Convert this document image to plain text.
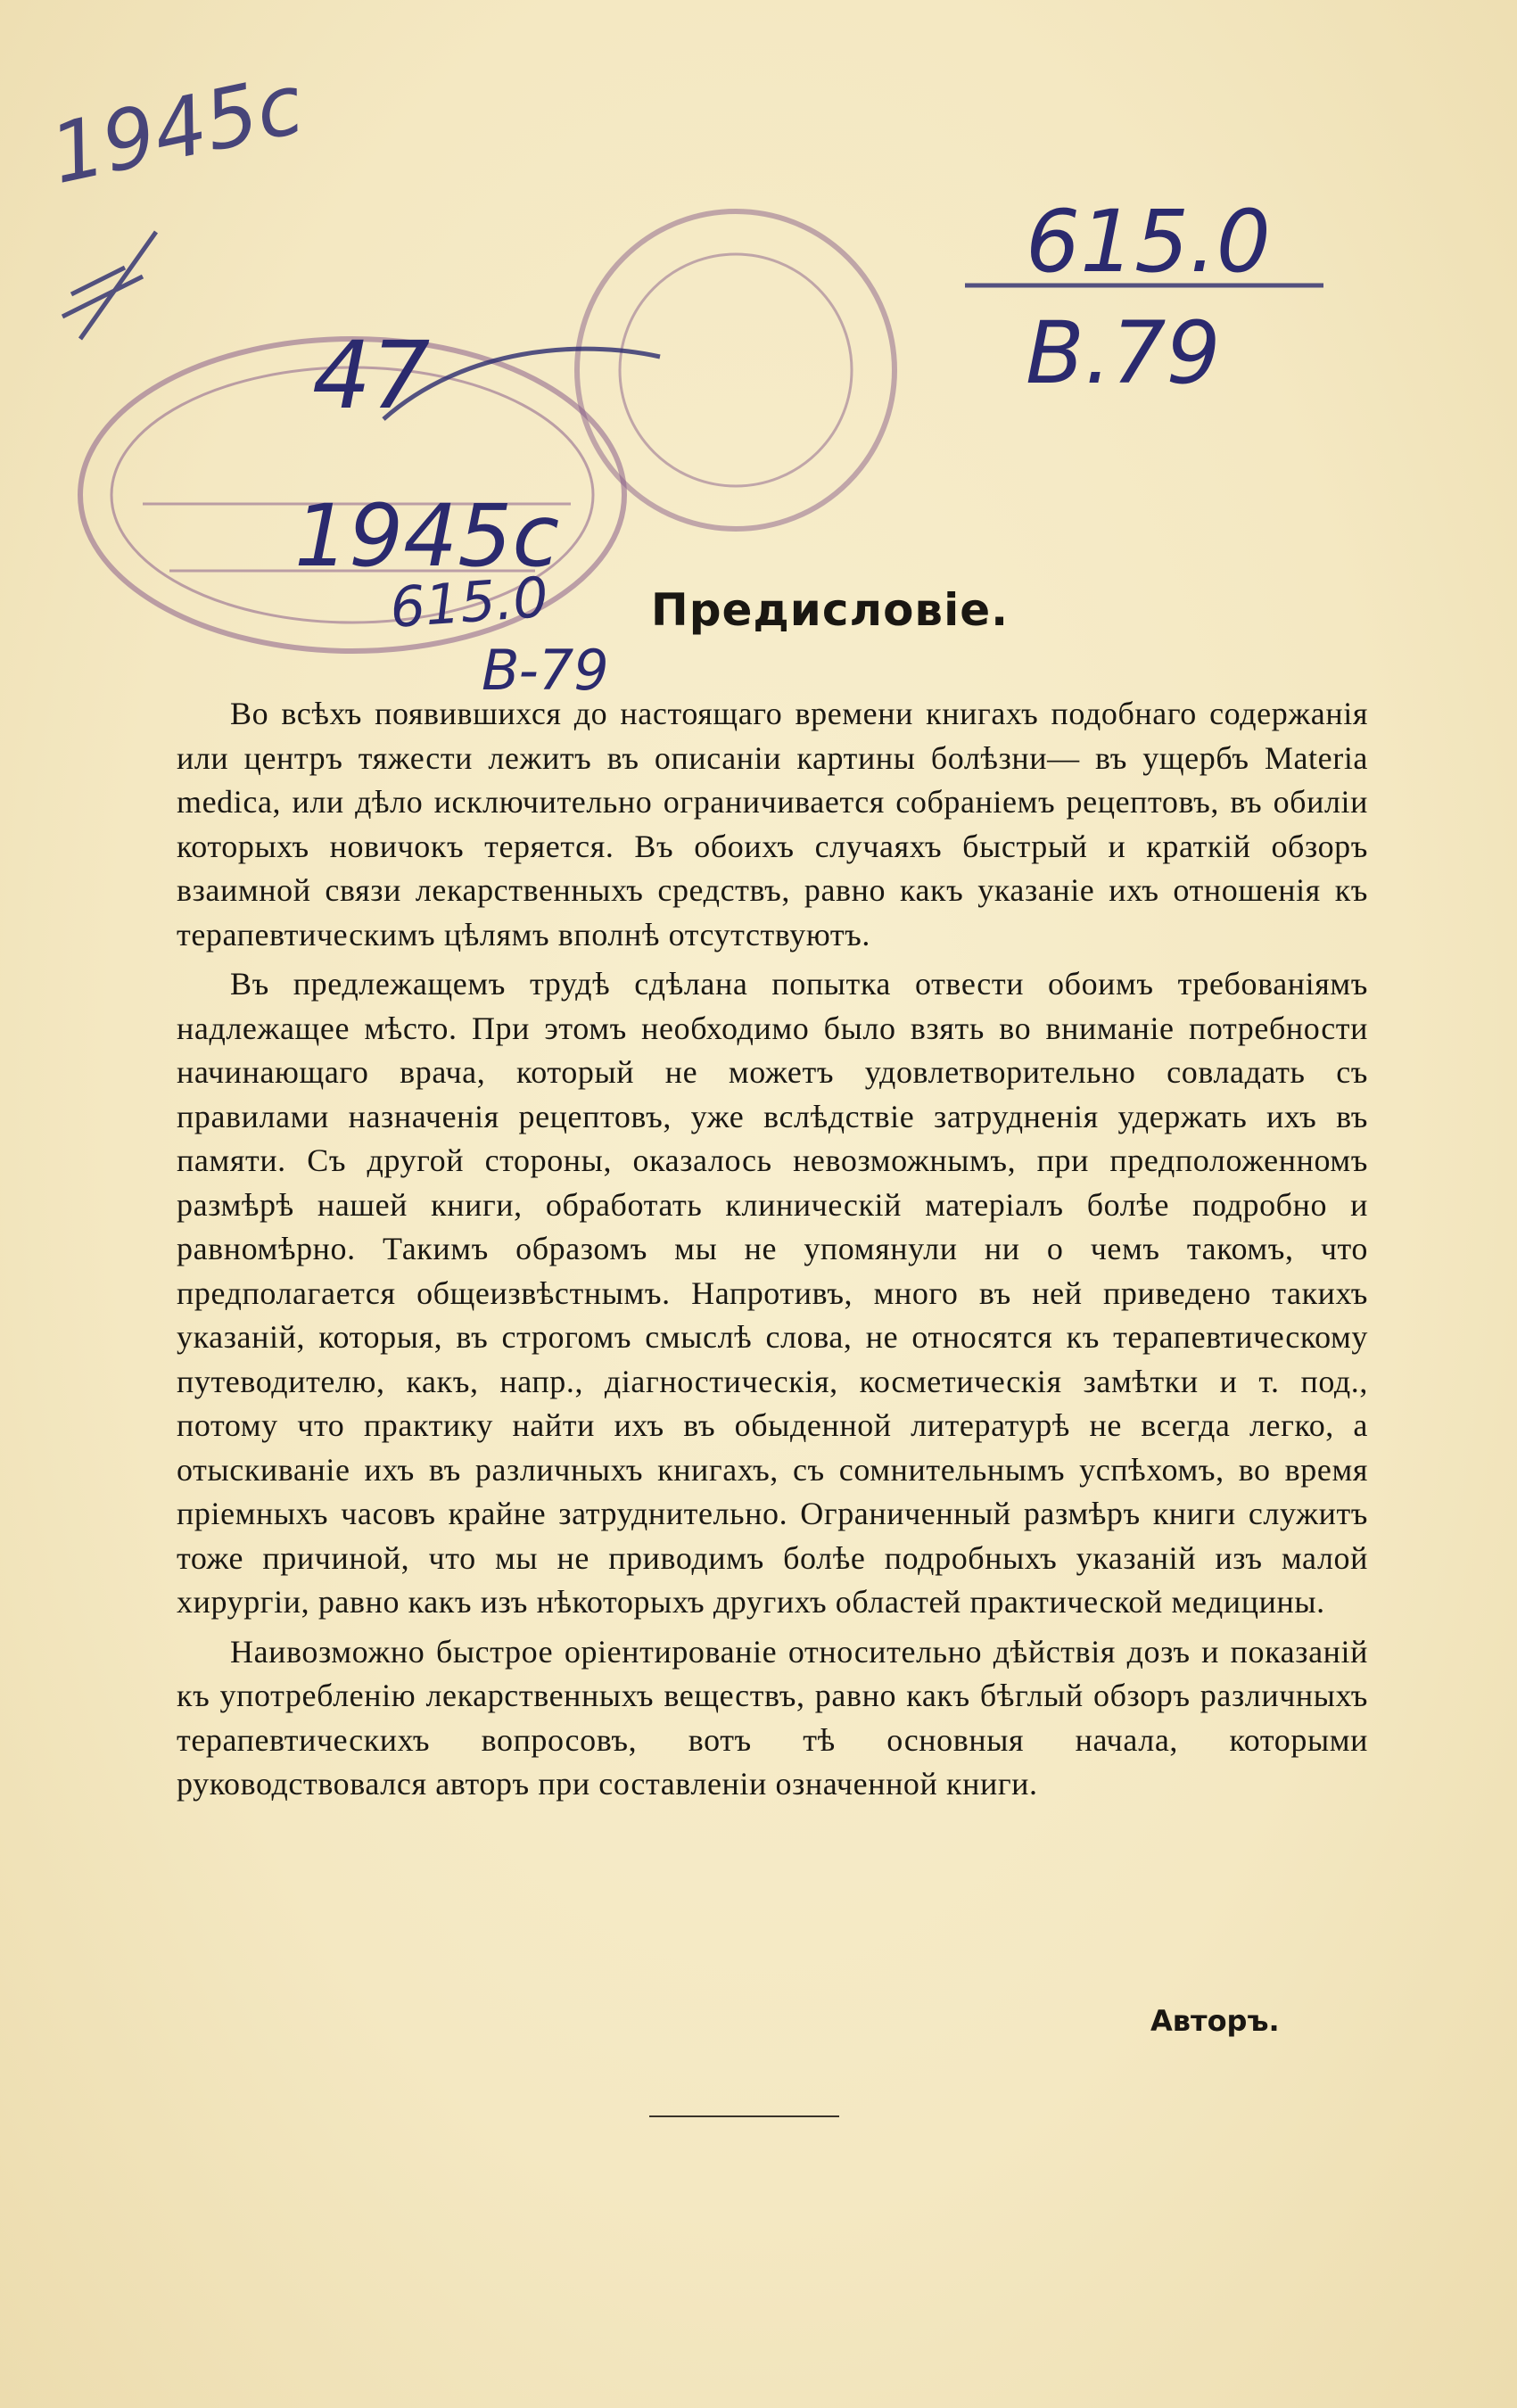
1945c
615.0
B.79
47
1945c
615.0
B-79
Предисловіе.

Во всѣхъ появившихся до настоящаго времени книгахъ подобнаго содержанія или центръ тяжести лежитъ въ описаніи картины болѣзни— въ ущербъ Materia medica, или дѣло исключительно ограничивается собраніемъ рецептовъ, въ обиліи которыхъ новичокъ теряется. Въ обоихъ случаяхъ быстрый и краткій обзоръ взаимной связи лекарственныхъ средствъ, равно какъ указаніе ихъ отношенія къ терапевтическимъ цѣлямъ вполнѣ отсутствуютъ.

Въ предлежащемъ трудѣ сдѣлана попытка отвести обоимъ требованіямъ надлежащее мѣсто. При этомъ необходимо было взять во вниманіе потребности начинающаго врача, который не можетъ удовлетворительно совладать съ правилами назначенія рецептовъ, уже вслѣдствіе затрудненія удержать ихъ въ памяти. Съ другой стороны, оказалось невозможнымъ, при предположенномъ размѣрѣ нашей книги, обработать клиническій матеріалъ болѣе подробно и равномѣрно. Такимъ образомъ мы не упомянули ни о чемъ такомъ, что предполагается общеизвѣстнымъ. Напротивъ, много въ ней приведено такихъ указаній, которыя, въ строгомъ смыслѣ слова, не относятся къ терапевтическому путеводителю, какъ, напр., діагностическія, косметическія замѣтки и т. под., потому что практику найти ихъ въ обыденной литературѣ не всегда легко, а отыскиваніе ихъ въ различныхъ книгахъ, съ сомнительнымъ успѣхомъ, во время пріемныхъ часовъ крайне затруднительно. Ограниченный размѣръ книги служитъ тоже причиной, что мы не приводимъ болѣе подробныхъ указаній изъ малой хирургіи, равно какъ изъ нѣкоторыхъ другихъ областей практической медицины.

Наивозможно быстрое оріентированіе относительно дѣйствія дозъ и показаній къ употребленію лекарственныхъ веществъ, равно какъ бѣглый обзоръ различныхъ терапевтическихъ вопросовъ, вотъ тѣ основныя начала, которыми руководствовался авторъ при составленіи означенной книги.

Авторъ.
